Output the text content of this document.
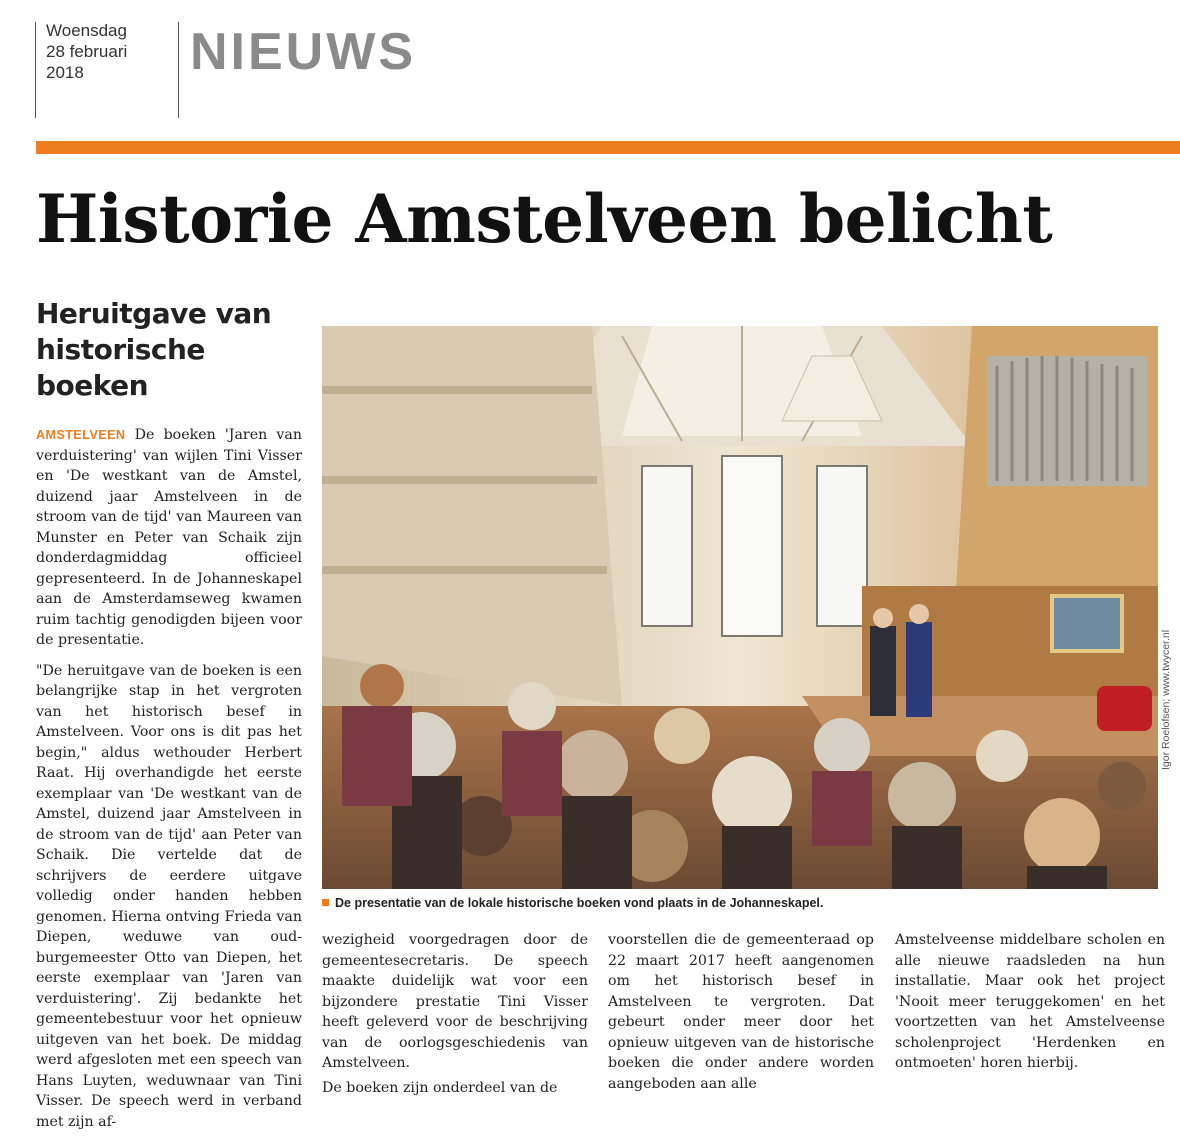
Woensdag
28 februari
2018	NIEUWS
Historie Amstelveen belicht
Heruitgave van historische boeken

AMSTELVEEN De boeken 'Jaren van verduistering' van wijlen Tini Visser en 'De westkant van de Amstel, duizend jaar Amstelveen in de stroom van de tijd' van Maureen van Munster en Peter van Schaik zijn donderdagmiddag officieel gepresenteerd. In de Johanneskapel aan de Amsterdamseweg kwamen ruim tachtig genodigden bijeen voor de presentatie.

"De heruitgave van de boeken is een belangrijke stap in het vergroten van het historisch besef in Amstelveen. Voor ons is dit pas het begin," aldus wethouder Herbert Raat. Hij overhandigde het eerste exemplaar van 'De westkant van de Amstel, duizend jaar Amstelveen in de stroom van de tijd' aan Peter van Schaik. Die vertelde dat de schrijvers de eerdere uitgave volledig onder handen hebben genomen. Hierna ontving Frieda van Diepen, weduwe van oud-burgemeester Otto van Diepen, het eerste exemplaar van 'Jaren van verduistering'. Zij bedankte het gemeentebestuur voor het opnieuw uitgeven van het boek. De middag werd afgesloten met een speech van Hans Luyten, weduwnaar van Tini Visser. De speech werd in verband met zijn af-

Igor Roelofsen; www.twycer.nl
De presentatie van de lokale historische boeken vond plaats in de Johanneskapel.

wezigheid voorgedragen door de gemeentesecretaris. De speech maakte duidelijk wat voor een bijzondere prestatie Tini Visser heeft geleverd voor de beschrijving van de oorlogsgeschiedenis van Amstelveen.

De boeken zijn onderdeel van de

voorstellen die de gemeenteraad op 22 maart 2017 heeft aangenomen om het historisch besef in Amstelveen te vergroten. Dat gebeurt onder meer door het opnieuw uitgeven van de historische boeken die onder andere worden aangeboden aan alle

Amstelveense middelbare scholen en alle nieuwe raadsleden na hun installatie. Maar ook het project 'Nooit meer teruggekomen' en het voortzetten van het Amstelveense scholenproject 'Herdenken en ontmoeten' horen hierbij.
